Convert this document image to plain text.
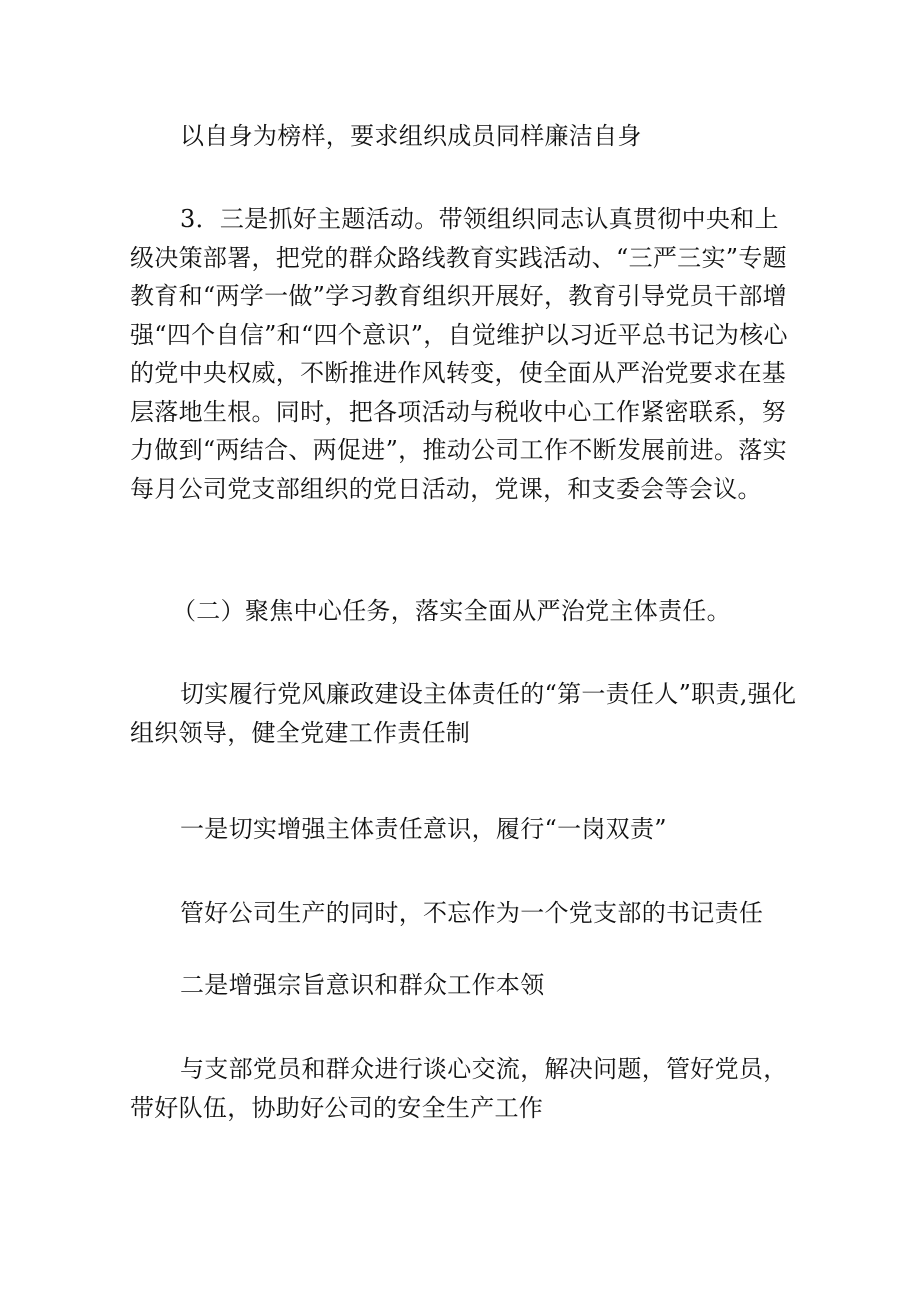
以自身为榜样，要求组织成员同样廉洁自身

3．三是抓好主题活动。带领组织同志认真贯彻中央和上级决策部署，把党的群众路线教育实践活动、“三严三实”专题教育和“两学一做”学习教育组织开展好，教育引导党员干部增强“四个自信”和“四个意识”，自觉维护以习近平总书记为核心的党中央权威，不断推进作风转变，使全面从严治党要求在基层落地生根。同时，把各项活动与税收中心工作紧密联系，努力做到“两结合、两促进”，推动公司工作不断发展前进。落实每月公司党支部组织的党日活动，党课，和支委会等会议。

（二）聚焦中心任务，落实全面从严治党主体责任。

切实履行党风廉政建设主体责任的“第一责任人”职责,强化组织领导，健全党建工作责任制

一是切实增强主体责任意识，履行“一岗双责”

管好公司生产的同时，不忘作为一个党支部的书记责任

二是增强宗旨意识和群众工作本领

与支部党员和群众进行谈心交流，解决问题，管好党员，带好队伍，协助好公司的安全生产工作
